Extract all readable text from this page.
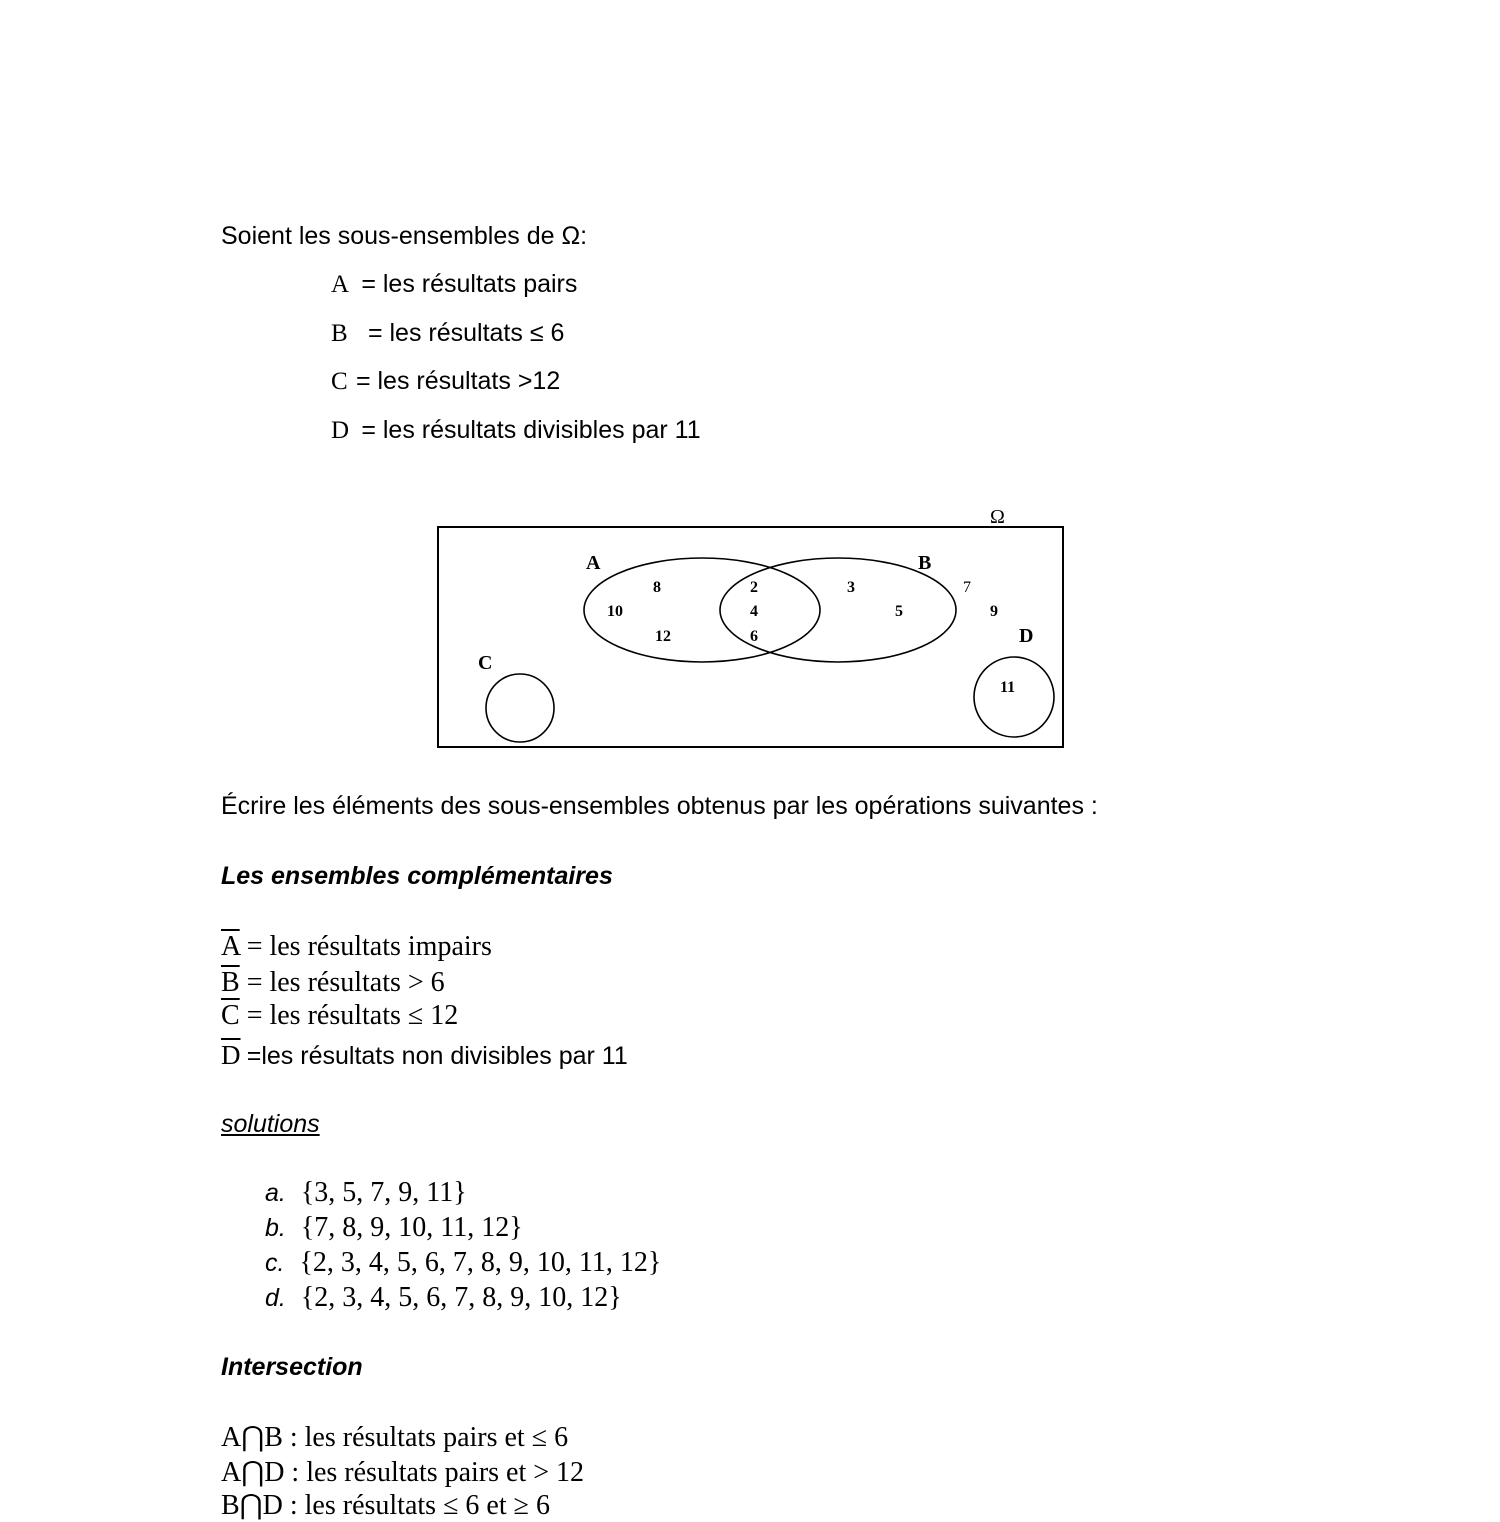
Soient les sous-ensembles de Ω:
A = les résultats pairs
B = les résultats ≤ 6
C = les résultats >12
D = les résultats divisibles par 11
Ω
A	B
C
D
8
10
12
2
4
6
3
5
7
9
11
Écrire les éléments des sous-ensembles obtenus par les opérations suivantes :
Les ensembles complémentaires
$\overline{A}$ = les résultats impairs
$\overline{B}$ = les résultats > 6
$\overline{C}$ = les résultats ≤ 12
$\overline{D} =les$ résultats non divisibles par 11
solutions
a. {3, 5, 7, 9, 11}
b. {7, 8, 9, 10, 11, 12}
c. {2, 3, 4, 5, 6, 7, 8, 9, 10, 11, 12}
d. {2, 3, 4, 5, 6, 7, 8, 9, 10, 12}
Intersection
A⋂B : les résultats pairs et ≤ 6
A⋂D : les résultats pairs et > 12
B⋂D : les résultats ≤ 6 et ≥ 6
